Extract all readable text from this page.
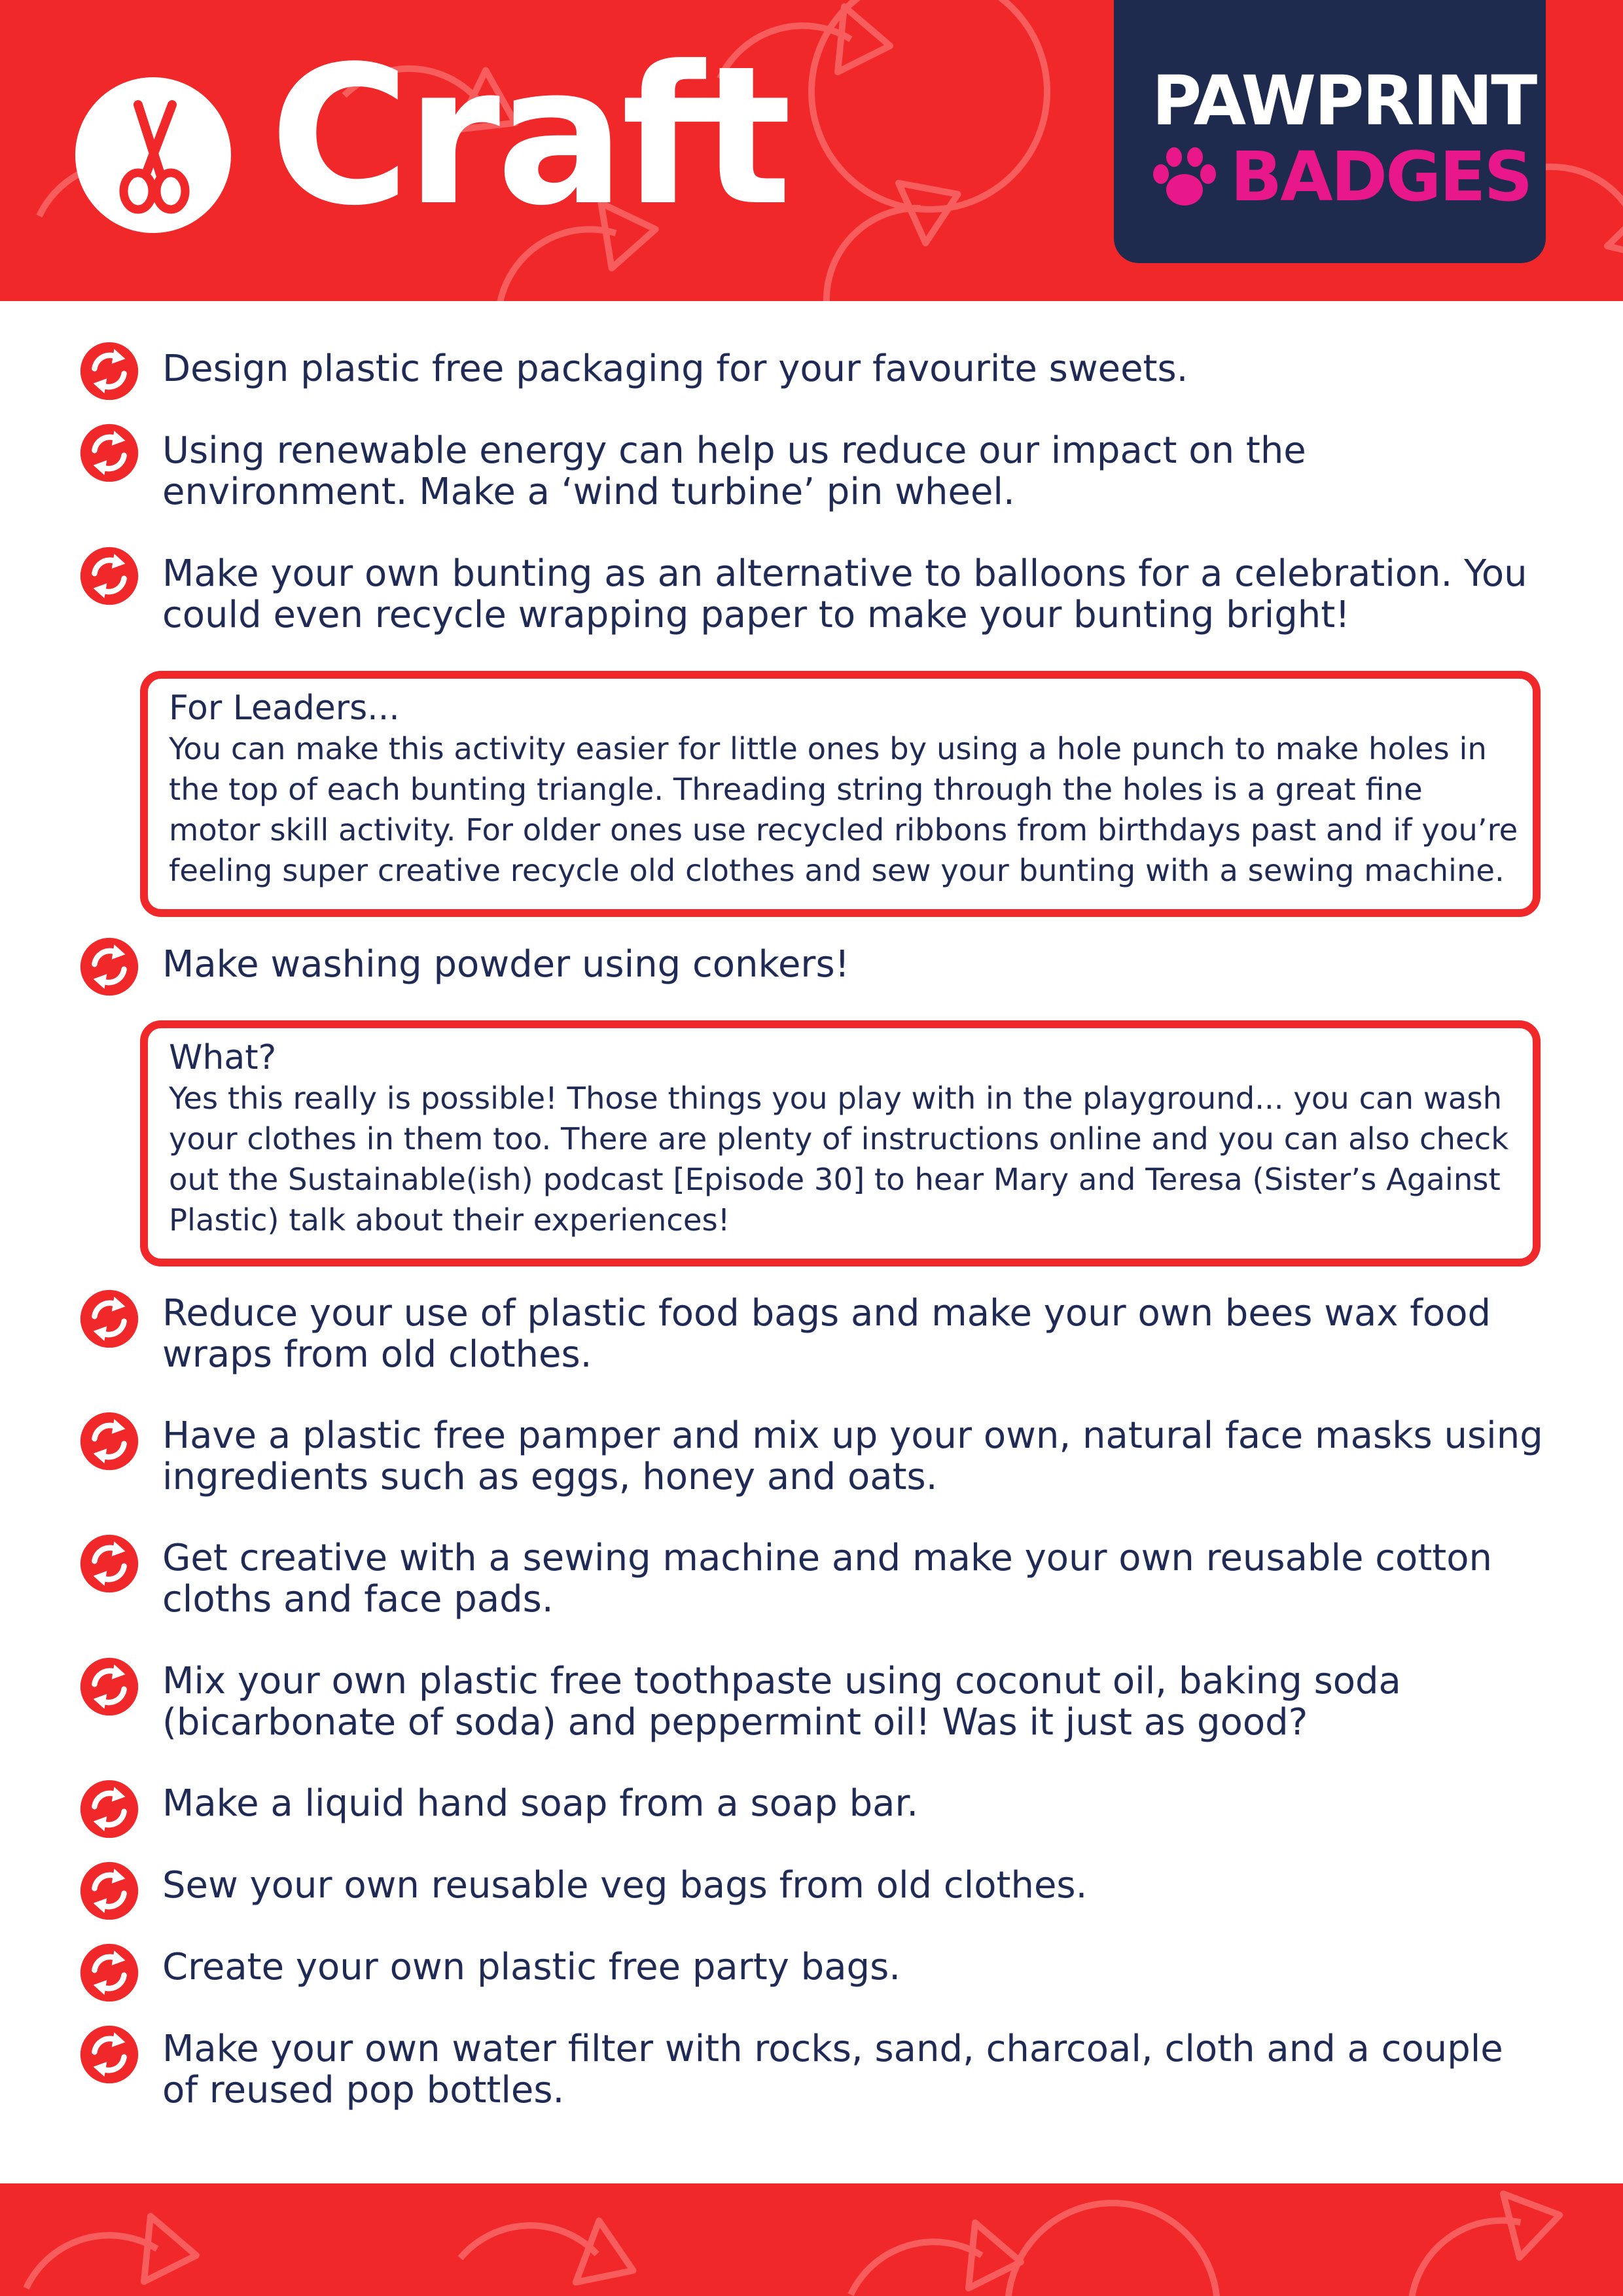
Craft	PAWPRINT
BADGES

Design plastic free packaging for your favourite sweets.

Using renewable energy can help us reduce our impact on the environment. Make a ‘wind turbine’ pin wheel.

Make your own bunting as an alternative to balloons for a celebration. You could even recycle wrapping paper to make your bunting bright!

For Leaders...
You can make this activity easier for little ones by using a hole punch to make holes in the top of each bunting triangle. Threading string through the holes is a great fine motor skill activity. For older ones use recycled ribbons from birthdays past and if you’re feeling super creative recycle old clothes and sew your bunting with a sewing machine.

Make washing powder using conkers!

What?
Yes this really is possible! Those things you play with in the playground... you can wash your clothes in them too. There are plenty of instructions online and you can also check out the Sustainable(ish) podcast [Episode 30] to hear Mary and Teresa (Sister’s Against Plastic) talk about their experiences!

Reduce your use of plastic food bags and make your own bees wax food wraps from old clothes.

Have a plastic free pamper and mix up your own, natural face masks using ingredients such as eggs, honey and oats.

Get creative with a sewing machine and make your own reusable cotton cloths and face pads.

Mix your own plastic free toothpaste using coconut oil, baking soda (bicarbonate of soda) and peppermint oil! Was it just as good?

Make a liquid hand soap from a soap bar.

Sew your own reusable veg bags from old clothes.

Create your own plastic free party bags.

Make your own water filter with rocks, sand, charcoal, cloth and a couple of reused pop bottles.
